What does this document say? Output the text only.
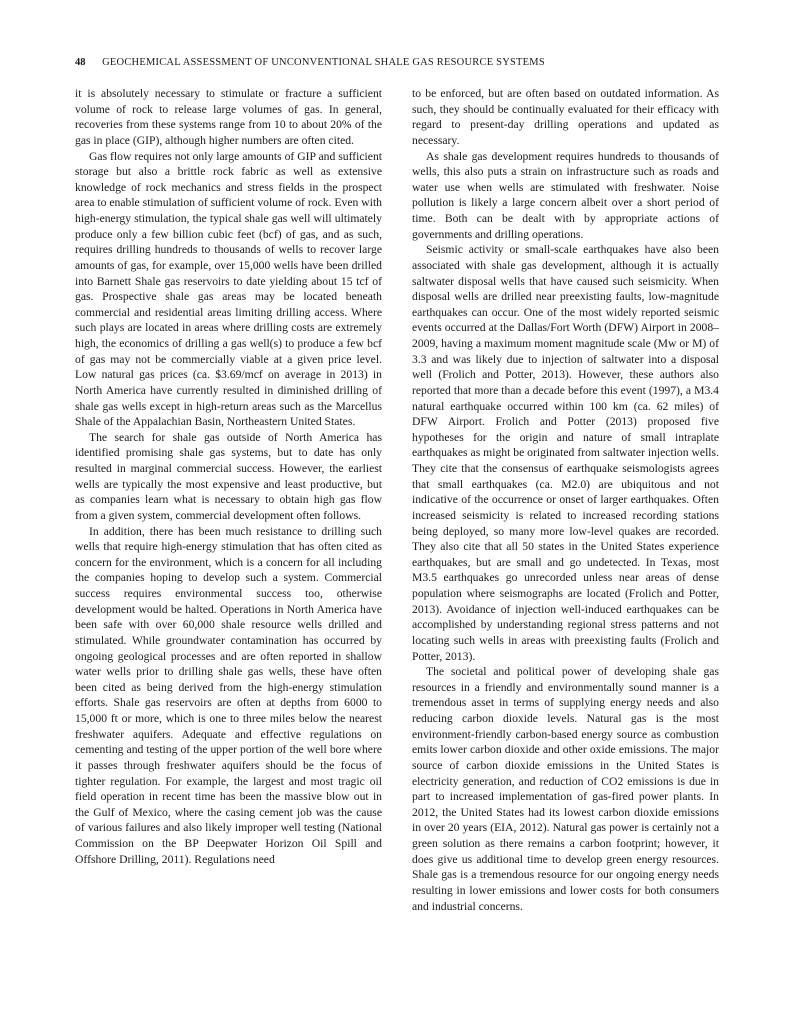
48 GEOCHEMICAL ASSESSMENT OF UNCONVENTIONAL SHALE GAS RESOURCE SYSTEMS

it is absolutely necessary to stimulate or fracture a sufficient volume of rock to release large volumes of gas. In general, recoveries from these systems range from 10 to about 20% of the gas in place (GIP), although higher numbers are often cited.

Gas flow requires not only large amounts of GIP and sufficient storage but also a brittle rock fabric as well as extensive knowledge of rock mechanics and stress fields in the prospect area to enable stimulation of sufficient volume of rock. Even with high-energy stimulation, the typical shale gas well will ultimately produce only a few billion cubic feet (bcf) of gas, and as such, requires drilling hundreds to thousands of wells to recover large amounts of gas, for example, over 15,000 wells have been drilled into Barnett Shale gas reservoirs to date yielding about 15 tcf of gas. Prospective shale gas areas may be located beneath commercial and residential areas limiting drilling access. Where such plays are located in areas where drilling costs are extremely high, the economics of drilling a gas well(s) to produce a few bcf of gas may not be commercially viable at a given price level. Low natural gas prices (ca. $3.69/mcf on average in 2013) in North America have currently resulted in diminished drilling of shale gas wells except in high-return areas such as the Marcellus Shale of the Appalachian Basin, Northeastern United States.

The search for shale gas outside of North America has identified promising shale gas systems, but to date has only resulted in marginal commercial success. However, the earliest wells are typically the most expensive and least productive, but as companies learn what is necessary to obtain high gas flow from a given system, commercial development often follows.

In addition, there has been much resistance to drilling such wells that require high-energy stimulation that has often cited as concern for the environment, which is a concern for all including the companies hoping to develop such a system. Commercial success requires environmental success too, otherwise development would be halted. Operations in North America have been safe with over 60,000 shale resource wells drilled and stimulated. While groundwater contamination has occurred by ongoing geological processes and are often reported in shallow water wells prior to drilling shale gas wells, these have often been cited as being derived from the high-energy stimulation efforts. Shale gas reservoirs are often at depths from 6000 to 15,000 ft or more, which is one to three miles below the nearest freshwater aquifers. Adequate and effective regulations on cementing and testing of the upper portion of the well bore where it passes through freshwater aquifers should be the focus of tighter regulation. For example, the largest and most tragic oil field operation in recent time has been the massive blow out in the Gulf of Mexico, where the casing cement job was the cause of various failures and also likely improper well testing (National Commission on the BP Deepwater Horizon Oil Spill and Offshore Drilling, 2011). Regulations need

to be enforced, but are often based on outdated information. As such, they should be continually evaluated for their efficacy with regard to present-day drilling operations and updated as necessary.

As shale gas development requires hundreds to thousands of wells, this also puts a strain on infrastructure such as roads and water use when wells are stimulated with freshwater. Noise pollution is likely a large concern albeit over a short period of time. Both can be dealt with by appropriate actions of governments and drilling operations.

Seismic activity or small-scale earthquakes have also been associated with shale gas development, although it is actually saltwater disposal wells that have caused such seismicity. When disposal wells are drilled near preexisting faults, low-magnitude earthquakes can occur. One of the most widely reported seismic events occurred at the Dallas/Fort Worth (DFW) Airport in 2008–2009, having a maximum moment magnitude scale (Mw or M) of 3.3 and was likely due to injection of saltwater into a disposal well (Frolich and Potter, 2013). However, these authors also reported that more than a decade before this event (1997), a M3.4 natural earthquake occurred within 100 km (ca. 62 miles) of DFW Airport. Frolich and Potter (2013) proposed five hypotheses for the origin and nature of small intraplate earthquakes as might be originated from saltwater injection wells. They cite that the consensus of earthquake seismologists agrees that small earthquakes (ca. M2.0) are ubiquitous and not indicative of the occurrence or onset of larger earthquakes. Often increased seismicity is related to increased recording stations being deployed, so many more low-level quakes are recorded. They also cite that all 50 states in the United States experience earthquakes, but are small and go undetected. In Texas, most M3.5 earthquakes go unrecorded unless near areas of dense population where seismographs are located (Frolich and Potter, 2013). Avoidance of injection well-induced earthquakes can be accomplished by understanding regional stress patterns and not locating such wells in areas with preexisting faults (Frolich and Potter, 2013).

The societal and political power of developing shale gas resources in a friendly and environmentally sound manner is a tremendous asset in terms of supplying energy needs and also reducing carbon dioxide levels. Natural gas is the most environment-friendly carbon-based energy source as combustion emits lower carbon dioxide and other oxide emissions. The major source of carbon dioxide emissions in the United States is electricity generation, and reduction of CO2 emissions is due in part to increased implementation of gas-fired power plants. In 2012, the United States had its lowest carbon dioxide emissions in over 20 years (EIA, 2012). Natural gas power is certainly not a green solution as there remains a carbon footprint; however, it does give us additional time to develop green energy resources. Shale gas is a tremendous resource for our ongoing energy needs resulting in lower emissions and lower costs for both consumers and industrial concerns.
